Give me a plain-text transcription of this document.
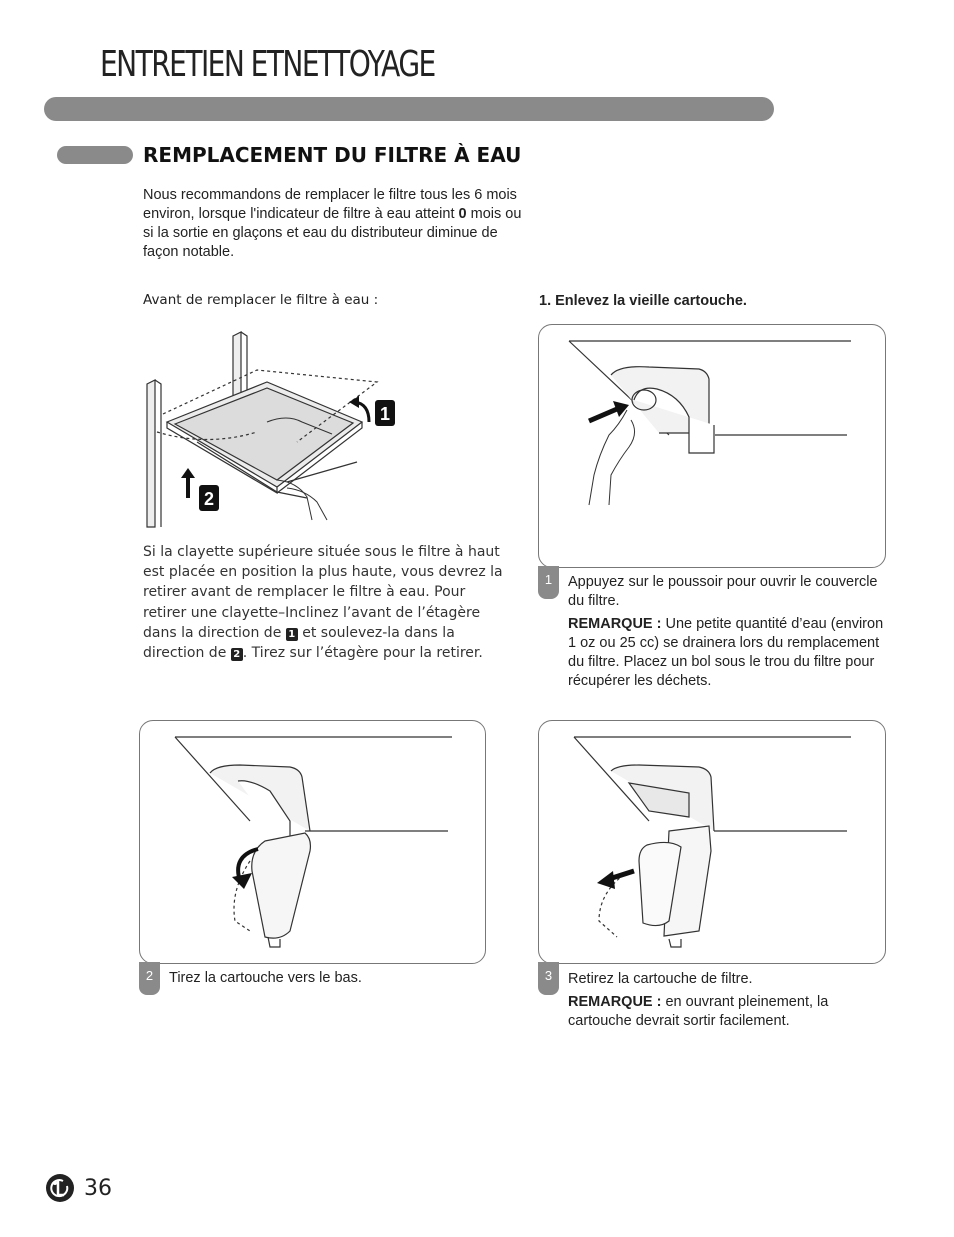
ENTRETIEN ETNETTOYAGE
REMPLACEMENT DU FILTRE À EAU
Nous recommandons de remplacer le filtre tous les 6 mois environ, lorsque l'indicateur de filtre à eau atteint 0 mois ou si la sortie en glaçons et eau du distributeur diminue de façon notable.
Avant de remplacer le filtre à eau :
1
2
Si la clayette supérieure située sous le filtre à haut est placée en position la plus haute, vous devrez la retirer avant de remplacer le filtre à eau. Pour retirer une clayette–Inclinez l’avant de l’étagère dans la direction de 1 et soulevez-la dans la direction de 2 . Tirez sur l’étagère pour la retirer.
1. Enlevez la vieille cartouche.
1	Appuyez sur le poussoir pour ouvrir le couvercle du filtre.

REMARQUE : Une petite quantité d’eau (environ 1 oz ou 25 cc) se drainera lors du remplacement du filtre. Placez un bol sous le trou du filtre pour récupérer les déchets.

2	Tirez la cartouche vers le bas.	3	Retirez la cartouche de filtre.

REMARQUE : en ouvrant pleinement, la cartouche devrait sortir facilement.

36
